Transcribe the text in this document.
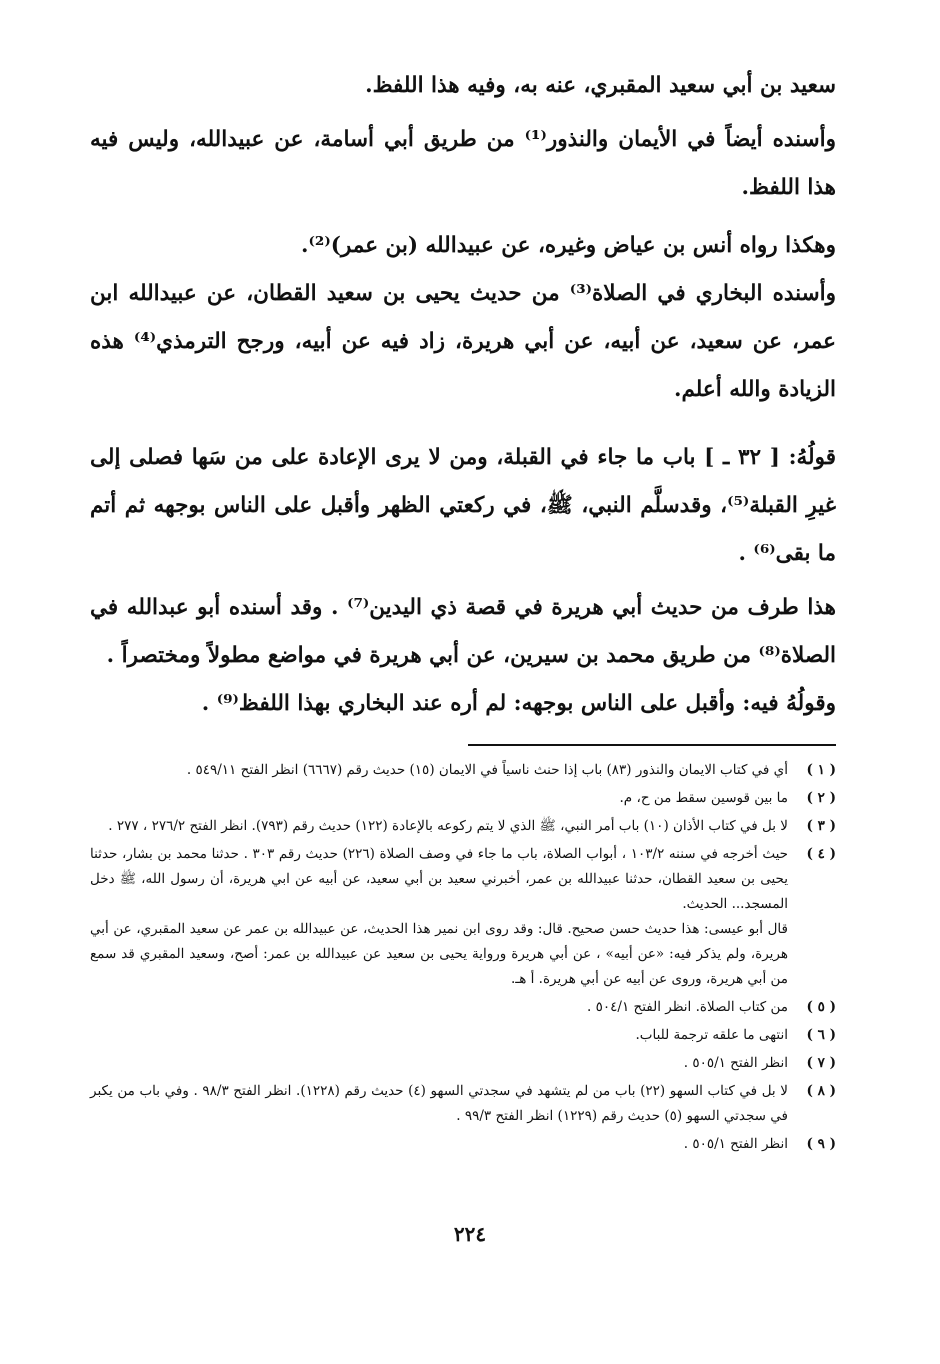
سعيد بن أبي سعيد المقبري، عنه به، وفيه هذا اللفظ.

وأسنده أيضاً في الأيمان والنذور⁽¹⁾ من طريق أبي أسامة، عن عبيدالله، وليس فيه هذا اللفظ.

وهكذا رواه أنس بن عياض وغيره، عن عبيدالله (بن عمر)⁽²⁾.

وأسنده البخاري في الصلاة⁽³⁾ من حديث يحيى بن سعيد القطان، عن عبيدالله ابن عمر، عن سعيد، عن أبيه، عن أبي هريرة، زاد فيه عن أبيه، ورجح الترمذي⁽⁴⁾ هذه الزيادة والله أعلم.

قولُهُ: [ ٣٢ ـ ] باب ما جاء في القبلة، ومن لا يرى الإعادة على من سَها فصلى إلى غيرِ القبلة⁽⁵⁾، وقدسلَّم النبي، ﷺ، في ركعتي الظهر وأقبل على الناس بوجهه ثم أتم ما بقى⁽⁶⁾ .

هذا طرف من حديث أبي هريرة في قصة ذي اليدين⁽⁷⁾ . وقد أسنده أبو عبدالله في الصلاة⁽⁸⁾ من طريق محمد بن سيرين، عن أبي هريرة في مواضع مطولاً ومختصراً .

وقولُهُ فيه: وأقبل على الناس بوجهه: لم أره عند البخاري بهذا اللفظ⁽⁹⁾ .

( ١ )
أي في كتاب الايمان والنذور (٨٣) باب إذا حنث ناسياً في الايمان (١٥) حديث رقم (٦٦٦٧) انظر الفتح ٥٤٩/١١ .
( ٢ )
ما بين قوسين سقط من ح، م.
( ٣ )
لا بل في كتاب الأذان (١٠) باب أمر النبي، ﷺ الذي لا يتم ركوعه بالإعادة (١٢٢) حديث رقم (٧٩٣). انظر الفتح ٢٧٦/٢ ، ٢٧٧ .
( ٤ )
حيث أخرجه في سننه ١٠٣/٢ ، أبواب الصلاة، باب ما جاء في وصف الصلاة (٢٢٦) حديث رقم ٣٠٣ . حدثنا محمد بن بشار، حدثنا يحيى بن سعيد القطان، حدثنا عبيدالله بن عمر، أخبرني سعيد بن أبي سعيد، عن أبيه عن ابي هريرة، أن رسول الله، ﷺ دخل المسجد... الحديث.
قال أبو عيسى: هذا حديث حسن صحيح. قال: وقد روى ابن نمير هذا الحديث، عن عبيدالله بن عمر عن سعيد المقبري، عن أبي هريرة، ولم يذكر فيه: «عن أبيه» ، عن أبي هريرة ورواية يحيى بن سعيد عن عبيدالله بن عمر: أصح، وسعيد المقبري قد سمع من أبي هريرة، وروى عن أبيه عن أبي هريرة. أ هـ.
( ٥ )
من كتاب الصلاة. انظر الفتح ٥٠٤/١ .
( ٦ )
انتهى ما علقه ترجمة للباب.
( ٧ )
انظر الفتح ٥٠٥/١ .
( ٨ )
لا بل في كتاب السهو (٢٢) باب من لم يتشهد في سجدتي السهو (٤) حديث رقم (١٢٢٨). انظر الفتح ٩٨/٣ . وفي باب من يكبر في سجدتي السهو (٥) حديث رقم (١٢٢٩) انظر الفتح ٩٩/٣ .
( ٩ )
انظر الفتح ٥٠٥/١ .
٢٢٤
